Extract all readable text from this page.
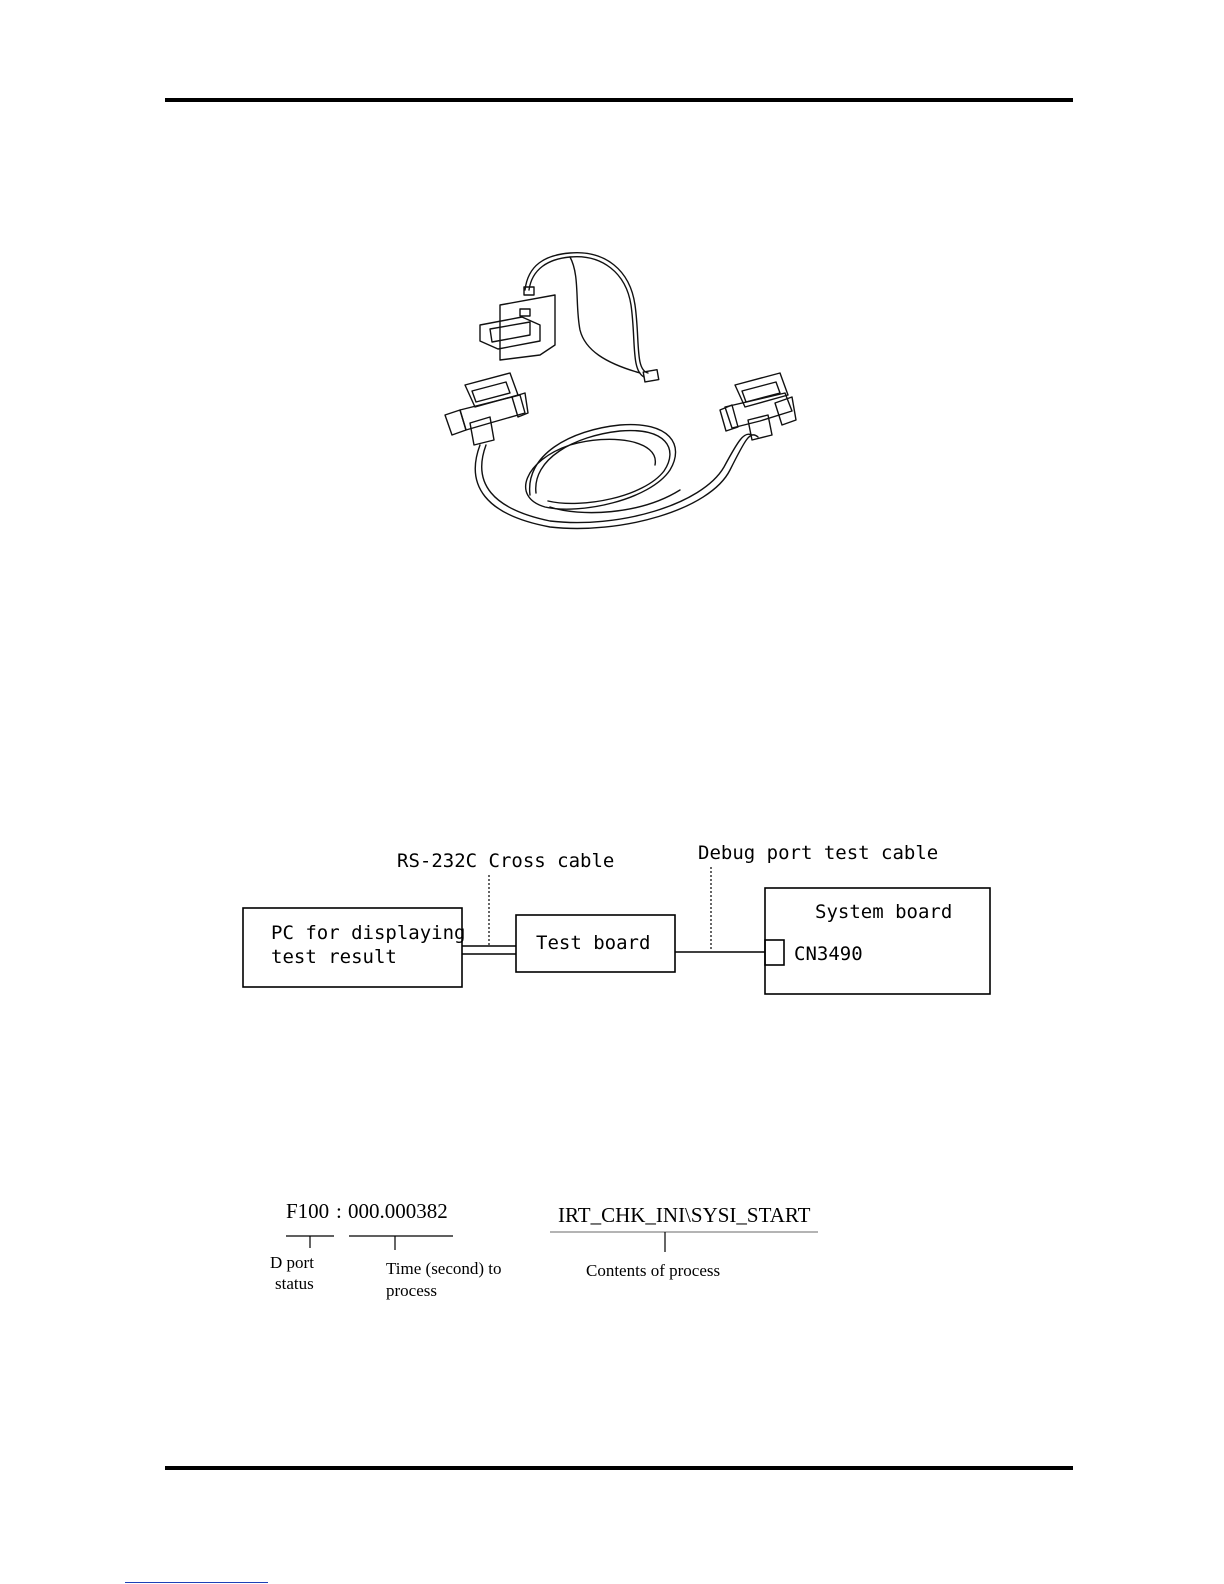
RS-232C Cross cable	Debug port test cable
PC for displaying
test result
Test board
System board
CN3490
F100 : 000.000382	IRT_CHK_INI\SYSI_START
D port
status
Time (second) to
process
Contents of process
